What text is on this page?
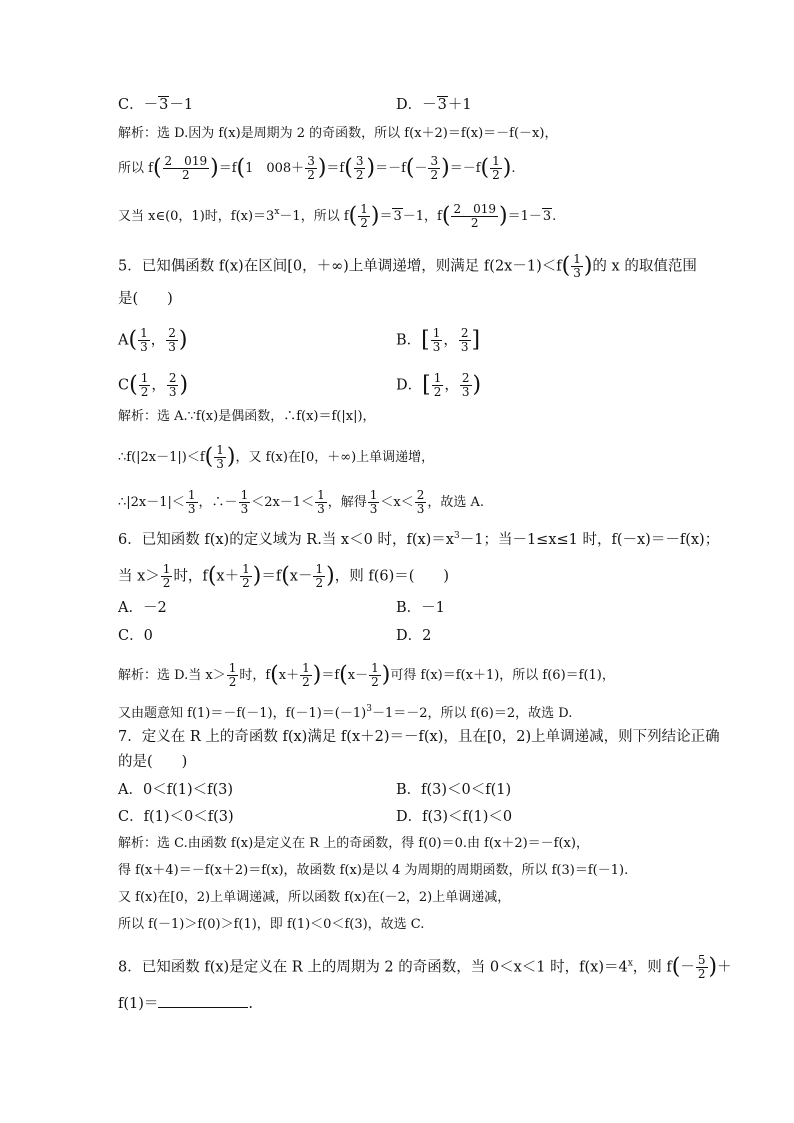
C．－3－1	D．－3＋1
解析：选 D.因为 f(x)是周期为 2 的奇函数，所以 f(x＋2)＝f(x)＝－f(－x)，
所以 $f( \frac{2 019}{2} )=f(1$　$008+ \frac{3}{2} )=f( \frac{3}{2} )=-f(- \frac{3}{2} )=-f( \frac{1}{2}$ ).
又当 x∈(0，1)时，$f(x)=3^x-1$，所以 $f( \frac{1}{2} )=3-1$，$f( \frac{2 019}{2} )=1-3$.
5．已知偶函数 f(x)在区间[0，＋∞)上单调递增，则满足 $f(2x-1)<f( \frac{1}{3}$ )的 x 的取值范围
是(　　)
$A( \frac{1}{3}$ ， $\frac{2}{3}$ )	B．[ $\frac{1}{3}$ ， $\frac{2}{3}$ ]
$C( \frac{1}{2}$ ， $\frac{2}{3}$ )	D．[ $\frac{1}{2}$ ， $\frac{2}{3}$ )
解析：选 A.∵f(x)是偶函数，∴f(x)＝f(|x|)，
∴f(|2x－1|)＜f( $\frac{1}{3}$ )，又 f(x)在[0，＋∞)上单调递增，
∴|2x－1|＜ $\frac{1}{3}$ ，∴－ $\frac{1}{3} <2x-1< \frac{1}{3}$ ，解得 $\frac{1}{3} <x< \frac{2}{3}$ ，故选 A.
6．已知函数 f(x)的定义域为 R.当 x＜0 时，$f(x)=x^3-1$；当－1≤x≤1 时，f(－x)＝－f(x)；
当 $x> \frac{1}{2}$ 时，$f(x+ \frac{1}{2} )=f(x- \frac{1}{2}$ )，则 f(6)＝(　　)
A．－2	B．－1
C．0	D．2
解析：选 D.当 $x> \frac{1}{2}$ 时，$f(x+ \frac{1}{2} )=f(x- \frac{1}{2}$ )可得 f(x)＝f(x＋1)，所以 f(6)＝f(1)，
又由题意知 f(1)＝－f(－1)，$f(-1)=(-1)^3-1=-2$，所以 f(6)＝2，故选 D.
7．定义在 R 上的奇函数 f(x)满足 f(x＋2)＝－f(x)，且在[0，2)上单调递减，则下列结论正确
的是(　　)
A．0＜f(1)＜f(3)	B．f(3)＜0＜f(1)
C．f(1)＜0＜f(3)	D．f(3)＜f(1)＜0
解析：选 C.由函数 f(x)是定义在 R 上的奇函数，得 f(0)＝0.由 f(x＋2)＝－f(x)，
得 f(x＋4)＝－f(x＋2)＝f(x)，故函数 f(x)是以 4 为周期的周期函数，所以 f(3)＝f(－1).
又 f(x)在[0，2)上单调递减，所以函数 f(x)在(－2，2)上单调递减，
所以 f(－1)＞f(0)＞f(1)，即 f(1)＜0＜f(3)，故选 C.
8．已知函数 f(x)是定义在 R 上的周期为 2 的奇函数，当 0＜x＜1 时，$f(x)=4^x$，则 $f(- \frac{5}{2}$ )＋
f(1)＝	.
